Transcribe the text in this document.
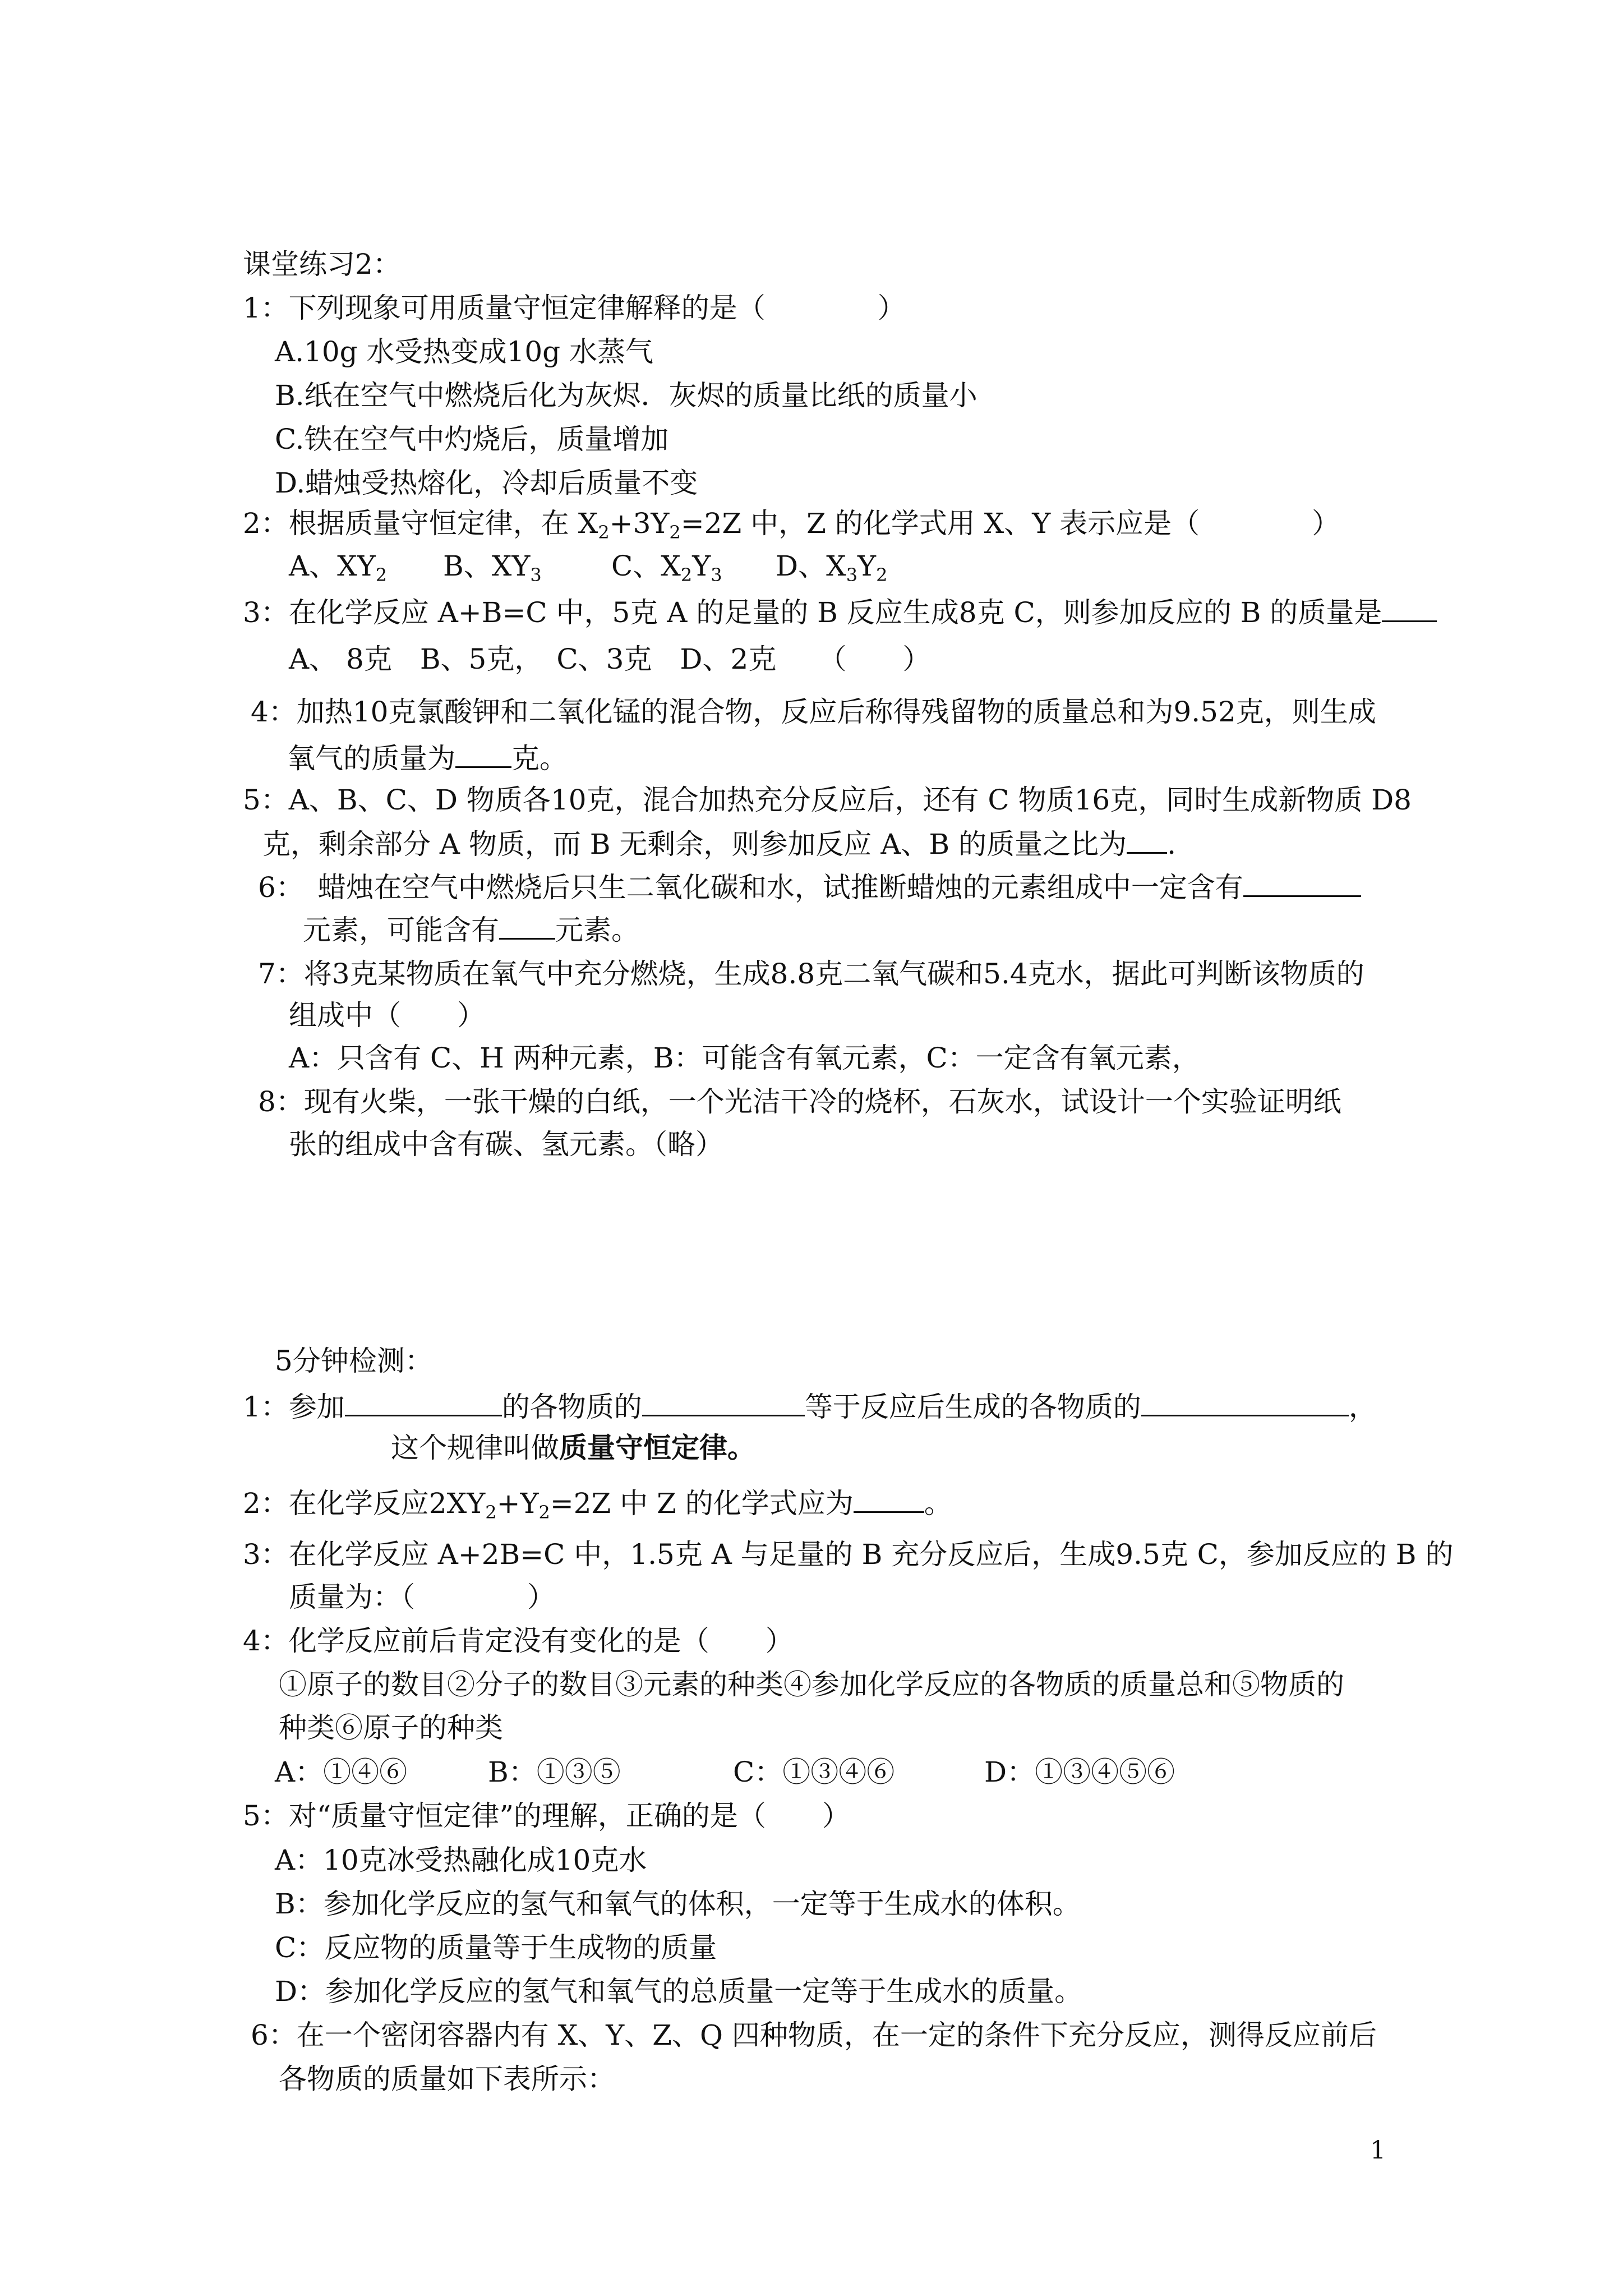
课堂练习2：
1：下列现象可用质量守恒定律解释的是（　　　　）
A.10g 水受热变成10g 水蒸气
B.纸在空气中燃烧后化为灰烬．灰烬的质量比纸的质量小
C.铁在空气中灼烧后，质量增加
D.蜡烛受热熔化，冷却后质量不变
2：根据质量守恒定律，在 $X_2+3Y_2=2Z$ 中，Z 的化学式用 X、Y 表示应是（　　　　）
A、$XY_2$ B、$XY_3$ C、$X_2Y_3$ D、$X_3Y_2$
3：在化学反应 A+B=C 中，5克 A 的足量的 B 反应生成8克 C，则参加反应的 B 的质量是
A、 8克　B、5克，　C、3克　D、2克　　（　　）
4：加热10克氯酸钾和二氧化锰的混合物，反应后称得残留物的质量总和为9.52克，则生成
氧气的质量为 克。
5：A、B、C、D 物质各10克，混合加热充分反应后，还有 C 物质16克，同时生成新物质 D8
克，剩余部分 A 物质，而 B 无剩余，则参加反应 A、B 的质量之比为 .
6：　蜡烛在空气中燃烧后只生二氧化碳和水，试推断蜡烛的元素组成中一定含有
元素，可能含有 元素。
7：将3克某物质在氧气中充分燃烧，生成8.8克二氧气碳和5.4克水，据此可判断该物质的
组成中（　　）
A：只含有 C、H 两种元素，B：可能含有氧元素，C：一定含有氧元素，
8：现有火柴，一张干燥的白纸，一个光洁干冷的烧杯，石灰水，试设计一个实验证明纸
张的组成中含有碳、氢元素。（略）
5分钟检测：
1：参加	的各物质的	等于反应后生成的各物质的	，
这个规律叫做质量守恒定律。
2：在化学反应$2XY_2+Y_2=2Z$ 中 Z 的化学式应为	。
3：在化学反应 A+2B=C 中，1.5克 A 与足量的 B 充分反应后，生成9.5克 C，参加反应的 B 的
质量为：（　　　　）
4：化学反应前后肯定没有变化的是（　　）
①原子的数目②分子的数目③元素的种类④参加化学反应的各物质的质量总和⑤物质的
种类⑥原子的种类
A：①④⑥	B：①③⑤	C：①③④⑥	D：①③④⑤⑥
5：对“质量守恒定律”的理解，正确的是（　　）
A：10克冰受热融化成10克水
B：参加化学反应的氢气和氧气的体积，一定等于生成水的体积。
C：反应物的质量等于生成物的质量
D：参加化学反应的氢气和氧气的总质量一定等于生成水的质量。
6：在一个密闭容器内有 X、Y、Z、Q 四种物质，在一定的条件下充分反应，测得反应前后
各物质的质量如下表所示：
1
